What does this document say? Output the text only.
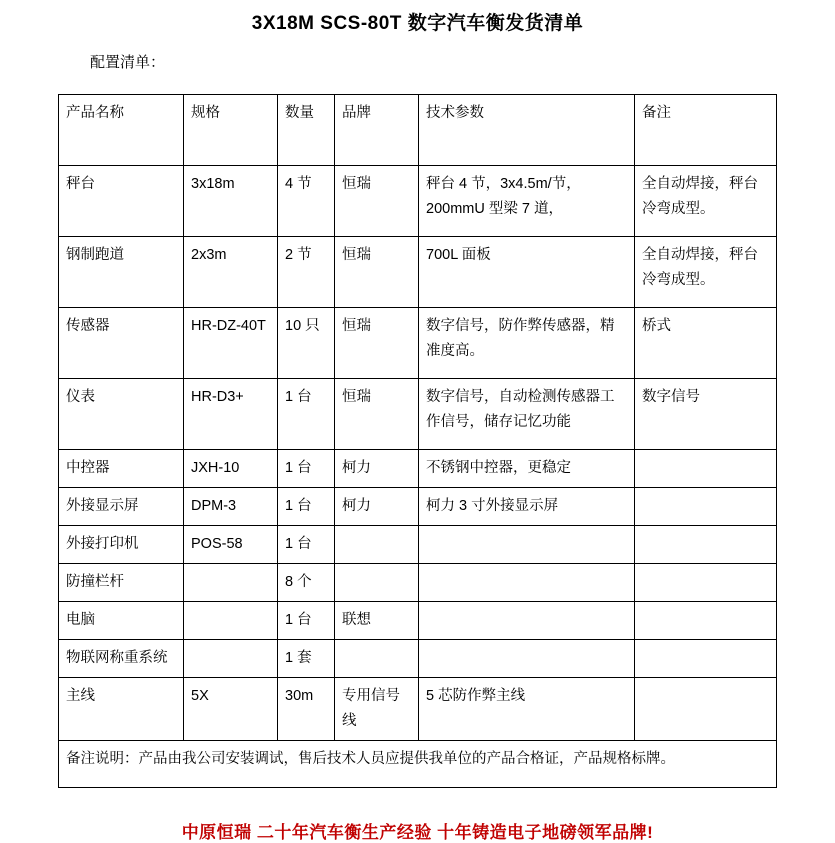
3X18M SCS-80T 数字汽车衡发货清单
配置清单：
产品名称	规格	数量	品牌	技术参数	备注
秤台	3x18m	4 节	恒瑞	秤台 4 节，3x4.5m/节，200mmU 型梁 7 道，	全自动焊接，秤台冷弯成型。
钢制跑道	2x3m	2 节	恒瑞	700L 面板	全自动焊接，秤台冷弯成型。
传感器	HR-DZ-40T	10 只	恒瑞	数字信号，防作弊传感器，精准度高。	桥式
仪表	HR-D3+	1 台	恒瑞	数字信号，自动检测传感器工作信号，储存记忆功能	数字信号
中控器	JXH-10	1 台	柯力	不锈钢中控器，更稳定	
外接显示屏	DPM-3	1 台	柯力	柯力 3 寸外接显示屏	
外接打印机	POS-58	1 台			
防撞栏杆		8 个			
电脑		1 台	联想		
物联网称重系统		1 套			
主线	5X	30m	专用信号线	5 芯防作弊主线	
备注说明：产品由我公司安装调试，售后技术人员应提供我单位的产品合格证，产品规格标牌。					
中原恒瑞 二十年汽车衡生产经验 十年铸造电子地磅领军品牌!
